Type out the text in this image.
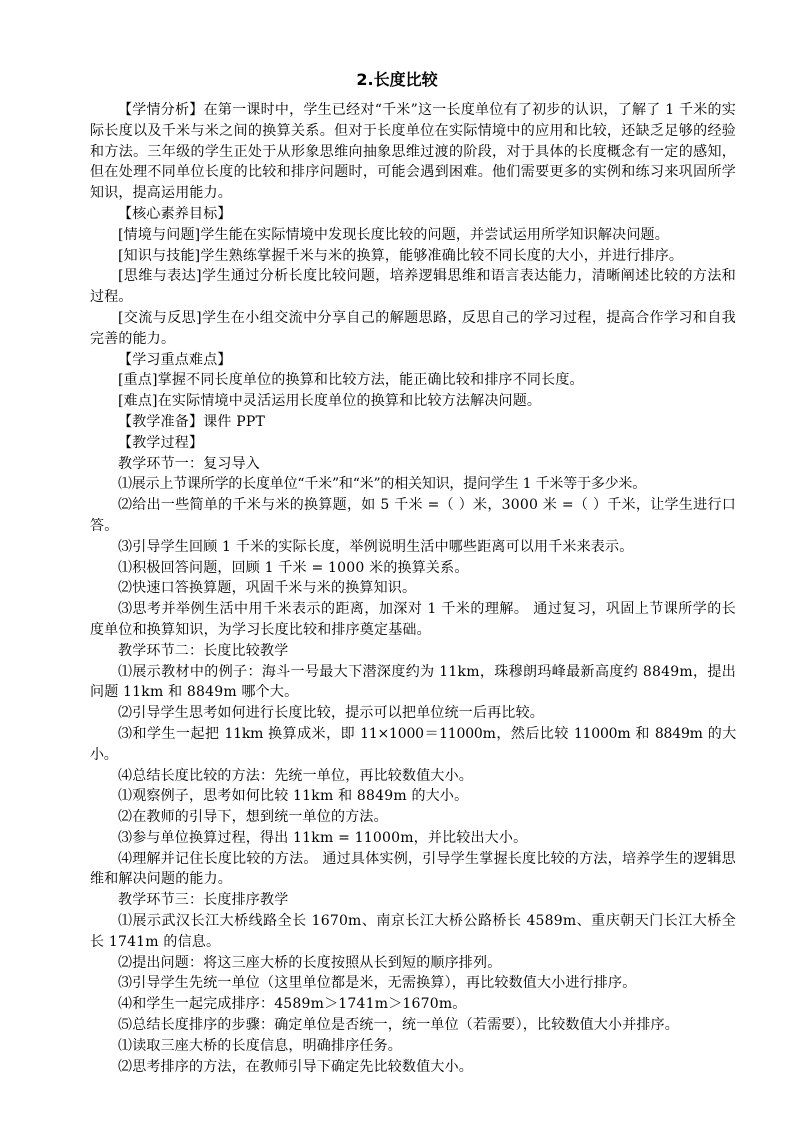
2.长度比较

【学情分析】在第一课时中，学生已经对“千米”这一长度单位有了初步的认识，了解了 1 千米的实际长度以及千米与米之间的换算关系。但对于长度单位在实际情境中的应用和比较，还缺乏足够的经验和方法。三年级的学生正处于从形象思维向抽象思维过渡的阶段，对于具体的长度概念有一定的感知，但在处理不同单位长度的比较和排序问题时，可能会遇到困难。他们需要更多的实例和练习来巩固所学知识，提高运用能力。

【核心素养目标】

[情境与问题]学生能在实际情境中发现长度比较的问题，并尝试运用所学知识解决问题。

[知识与技能]学生熟练掌握千米与米的换算，能够准确比较不同长度的大小，并进行排序。

[思维与表达]学生通过分析长度比较问题，培养逻辑思维和语言表达能力，清晰阐述比较的方法和过程。

[交流与反思]学生在小组交流中分享自己的解题思路，反思自己的学习过程，提高合作学习和自我完善的能力。

【学习重点难点】

[重点]掌握不同长度单位的换算和比较方法，能正确比较和排序不同长度。

[难点]在实际情境中灵活运用长度单位的换算和比较方法解决问题。

【教学准备】课件 PPT

【教学过程】

教学环节一：复习导入

⑴展示上节课所学的长度单位“千米”和“米”的相关知识，提问学生 1 千米等于多少米。

⑵给出一些简单的千米与米的换算题，如 5 千米 =（ ）米，3000 米 =（ ）千米，让学生进行口答。

⑶引导学生回顾 1 千米的实际长度，举例说明生活中哪些距离可以用千米来表示。

⑴积极回答问题，回顾 1 千米 = 1000 米的换算关系。

⑵快速口答换算题，巩固千米与米的换算知识。

⑶思考并举例生活中用千米表示的距离，加深对 1 千米的理解。 通过复习，巩固上节课所学的长度单位和换算知识，为学习长度比较和排序奠定基础。

教学环节二：长度比较教学

⑴展示教材中的例子：海斗一号最大下潜深度约为 11km，珠穆朗玛峰最新高度约 8849m，提出问题 11km 和 8849m 哪个大。

⑵引导学生思考如何进行长度比较，提示可以把单位统一后再比较。

⑶和学生一起把 11km 换算成米，即 11×1000＝11000m，然后比较 11000m 和 8849m 的大小。

⑷总结长度比较的方法：先统一单位，再比较数值大小。

⑴观察例子，思考如何比较 11km 和 8849m 的大小。

⑵在教师的引导下，想到统一单位的方法。

⑶参与单位换算过程，得出 11km = 11000m，并比较出大小。

⑷理解并记住长度比较的方法。 通过具体实例，引导学生掌握长度比较的方法，培养学生的逻辑思维和解决问题的能力。

教学环节三：长度排序教学

⑴展示武汉长江大桥线路全长 1670m、南京长江大桥公路桥长 4589m、重庆朝天门长江大桥全长 1741m 的信息。

⑵提出问题：将这三座大桥的长度按照从长到短的顺序排列。

⑶引导学生先统一单位（这里单位都是米，无需换算），再比较数值大小进行排序。

⑷和学生一起完成排序：4589m＞1741m＞1670m。

⑸总结长度排序的步骤：确定单位是否统一，统一单位（若需要），比较数值大小并排序。

⑴读取三座大桥的长度信息，明确排序任务。

⑵思考排序的方法，在教师引导下确定先比较数值大小。
